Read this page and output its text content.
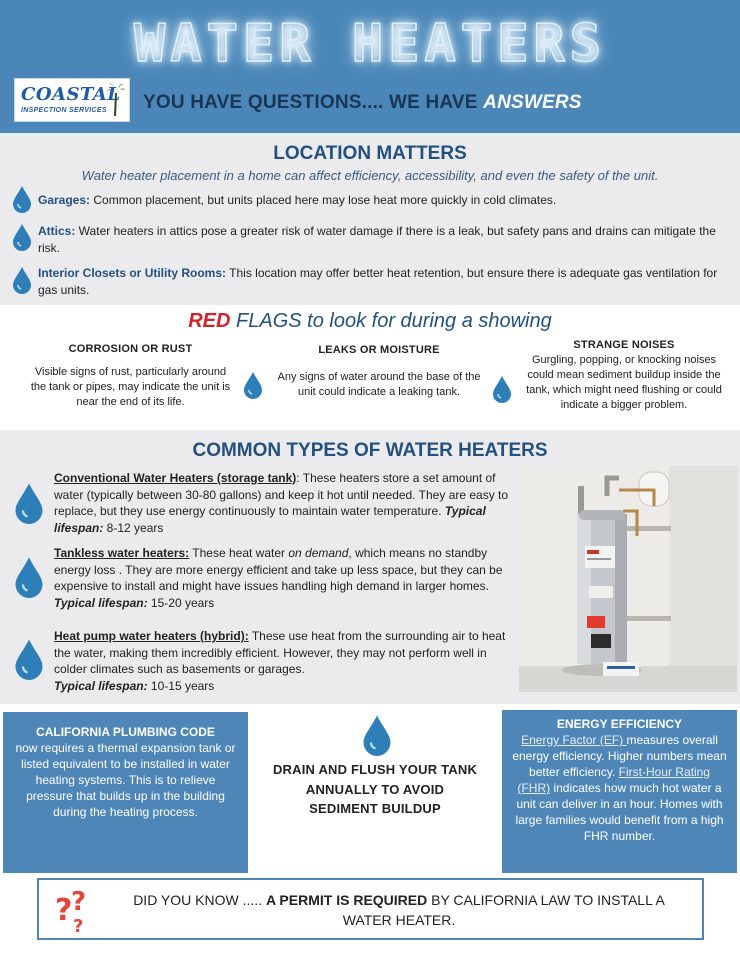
WATER HEATERS
COASTAL
INSPECTION SERVICES YOU HAVE QUESTIONS.... WE HAVE ANSWERS
LOCATION MATTERS
Water heater placement in a home can affect efficiency, accessibility, and even the safety of the unit.
Garages: Common placement, but units placed here may lose heat more quickly in cold climates.
Attics: Water heaters in attics pose a greater risk of water damage if there is a leak, but safety pans and drains can mitigate the risk.
Interior Closets or Utility Rooms: This location may offer better heat retention, but ensure there is adequate gas ventilation for gas units.
RED FLAGS to look for during a showing
CORROSION OR RUST
Visible signs of rust, particularly around the tank or pipes, may indicate the unit is near the end of its life.
LEAKS OR MOISTURE
Any signs of water around the base of the unit could indicate a leaking tank.
STRANGE NOISES
Gurgling, popping, or knocking noises could mean sediment buildup inside the tank, which might need flushing or could indicate a bigger problem.
COMMON TYPES OF WATER HEATERS
Conventional Water Heaters (storage tank): These heaters store a set amount of water (typically between 30-80 gallons) and keep it hot until needed. They are easy to replace, but they use energy continuously to maintain water temperature. Typical lifespan: 8-12 years
Tankless water heaters: These heat water on demand, which means no standby energy loss . They are more energy efficient and take up less space, but they can be expensive to install and might have issues handling high demand in larger homes. Typical lifespan: 15-20 years
Heat pump water heaters (hybrid): These use heat from the surrounding air to heat the water, making them incredibly efficient. However, they may not perform well in colder climates such as basements or garages.
Typical lifespan: 10-15 years
CALIFORNIA PLUMBING CODE
now requires a thermal expansion tank or listed equivalent to be installed in water heating systems. This is to relieve pressure that builds up in the building during the heating process.
DRAIN AND FLUSH YOUR TANK ANNUALLY TO AVOID SEDIMENT BUILDUP
ENERGY EFFICIENCY
Energy Factor (EF) measures overall energy efficiency. Higher numbers mean better efficiency. First-Hour Rating (FHR) indicates how much hot water a unit can deliver in an hour. Homes with large families would benefit from a high FHR number.
?
?
?
DID YOU KNOW ..... A PERMIT IS REQUIRED BY CALIFORNIA LAW TO INSTALL A WATER HEATER.
